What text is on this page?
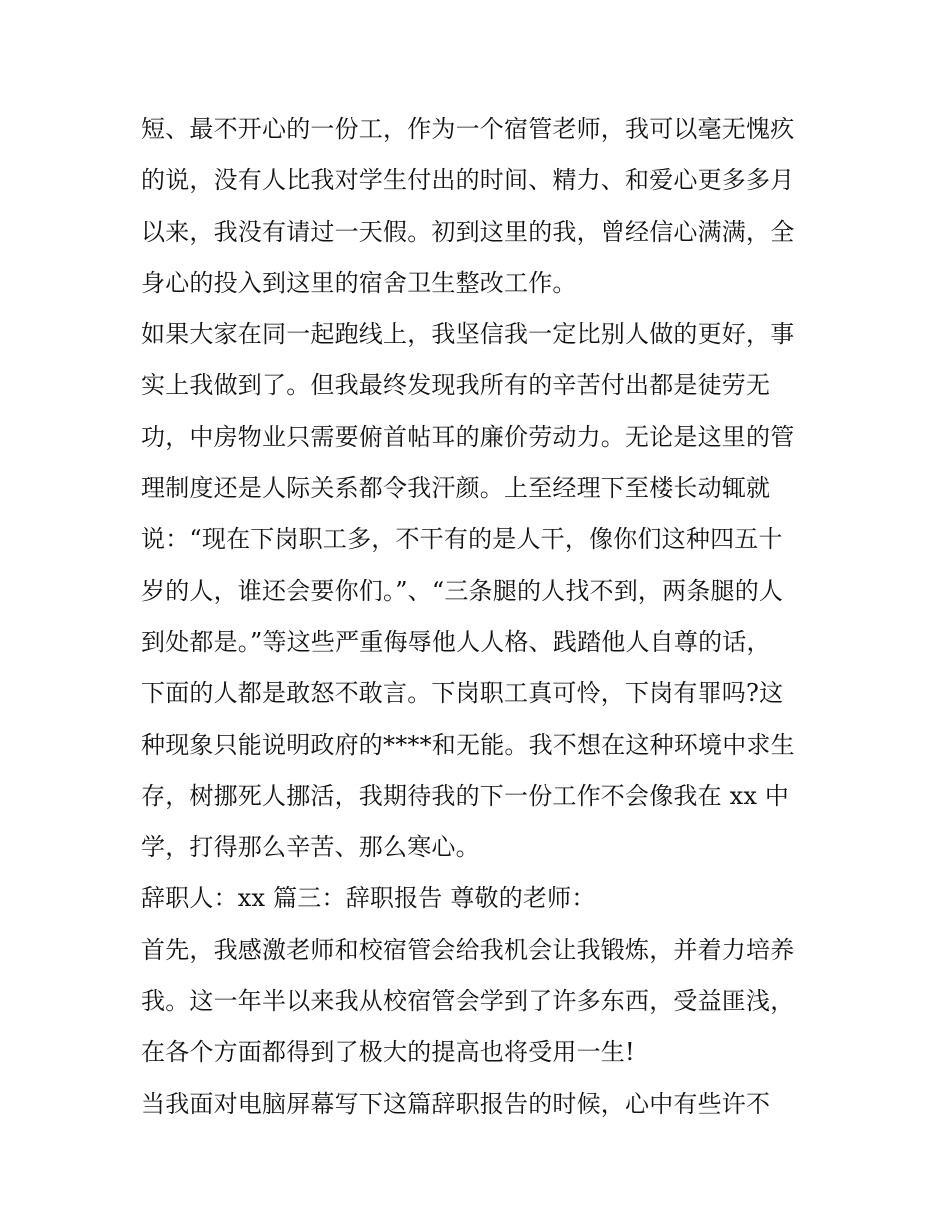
短、最不开心的一份工，作为一个宿管老师，我可以毫无愧疚
的说，没有人比我对学生付出的时间、精力、和爱心更多多月
以来，我没有请过一天假。初到这里的我，曾经信心满满，全
身心的投入到这里的宿舍卫生整改工作。
如果大家在同一起跑线上，我坚信我一定比别人做的更好，事
实上我做到了。但我最终发现我所有的辛苦付出都是徒劳无
功，中房物业只需要俯首帖耳的廉价劳动力。无论是这里的管
理制度还是人际关系都令我汗颜。上至经理下至楼长动辄就
说：“现在下岗职工多，不干有的是人干，像你们这种四五十
岁的人，谁还会要你们。”、“三条腿的人找不到，两条腿的人
到处都是。”等这些严重侮辱他人人格、践踏他人自尊的话，
下面的人都是敢怒不敢言。下岗职工真可怜，下岗有罪吗?这
种现象只能说明政府的****和无能。我不想在这种环境中求生
存，树挪死人挪活，我期待我的下一份工作不会像我在 xx 中
学，打得那么辛苦、那么寒心。
辞职人：xx 篇三：辞职报告 尊敬的老师：
首先，我感激老师和校宿管会给我机会让我锻炼，并着力培养
我。这一年半以来我从校宿管会学到了许多东西，受益匪浅，
在各个方面都得到了极大的提高也将受用一生!
当我面对电脑屏幕写下这篇辞职报告的时候，心中有些许不
